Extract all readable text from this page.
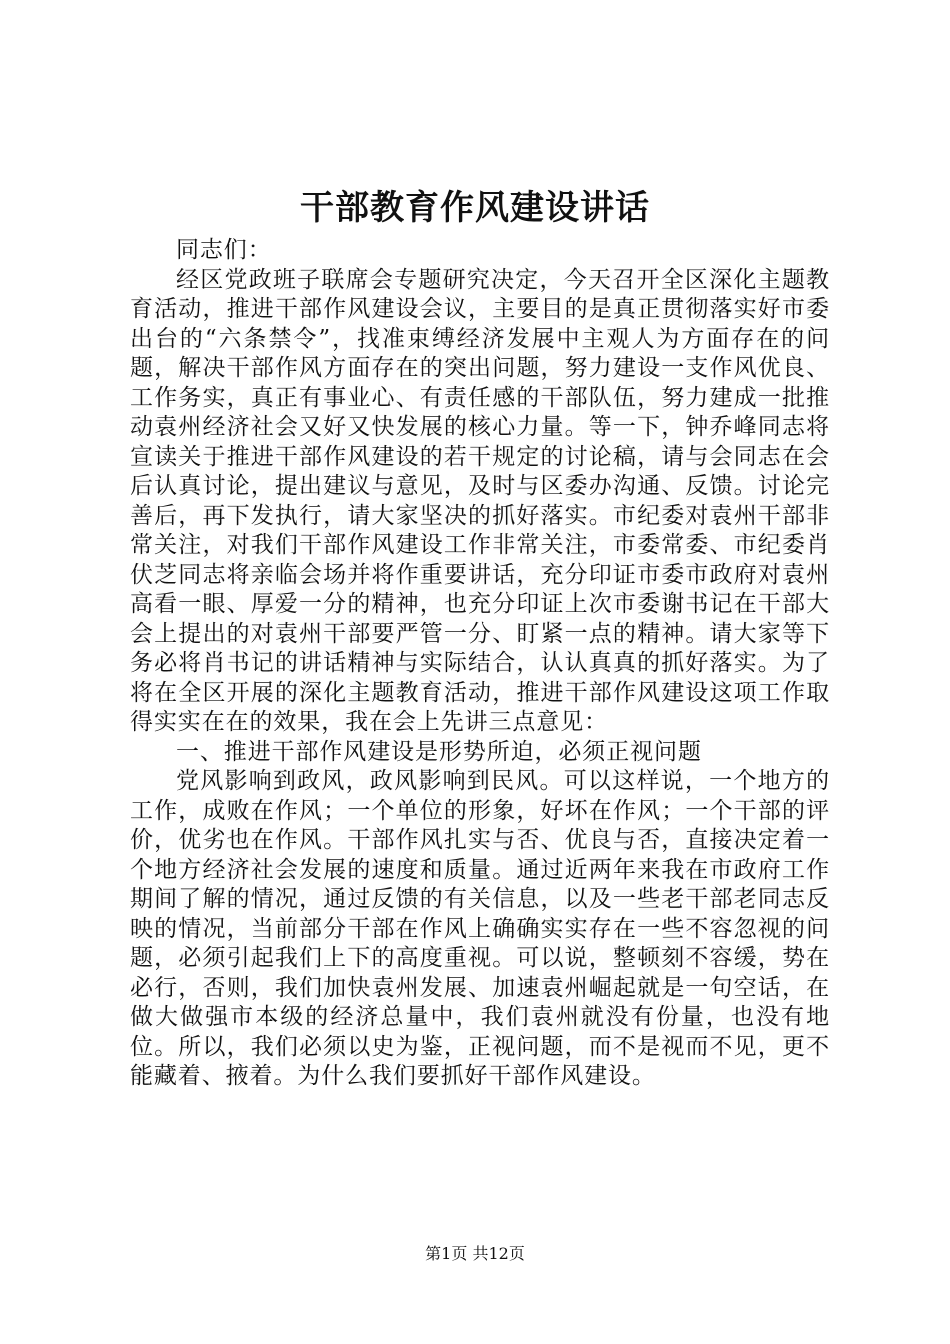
干部教育作风建设讲话

同志们：

经区党政班子联席会专题研究决定，今天召开全区深化主题教育活动，推进干部作风建设会议，主要目的是真正贯彻落实好市委出台的“六条禁令”，找准束缚经济发展中主观人为方面存在的问题，解决干部作风方面存在的突出问题，努力建设一支作风优良、工作务实，真正有事业心、有责任感的干部队伍，努力建成一批推动袁州经济社会又好又快发展的核心力量。等一下，钟乔峰同志将宣读关于推进干部作风建设的若干规定的讨论稿，请与会同志在会后认真讨论，提出建议与意见，及时与区委办沟通、反馈。讨论完善后，再下发执行，请大家坚决的抓好落实。市纪委对袁州干部非常关注，对我们干部作风建设工作非常关注，市委常委、市纪委肖伏芝同志将亲临会场并将作重要讲话，充分印证市委市政府对袁州高看一眼、厚爱一分的精神，也充分印证上次市委谢书记在干部大会上提出的对袁州干部要严管一分、盯紧一点的精神。请大家等下务必将肖书记的讲话精神与实际结合，认认真真的抓好落实。为了将在全区开展的深化主题教育活动，推进干部作风建设这项工作取得实实在在的效果，我在会上先讲三点意见：

一、推进干部作风建设是形势所迫，必须正视问题

党风影响到政风，政风影响到民风。可以这样说，一个地方的工作，成败在作风；一个单位的形象，好坏在作风；一个干部的评价，优劣也在作风。干部作风扎实与否、优良与否，直接决定着一个地方经济社会发展的速度和质量。通过近两年来我在市政府工作期间了解的情况，通过反馈的有关信息，以及一些老干部老同志反映的情况，当前部分干部在作风上确确实实存在一些不容忽视的问题，必须引起我们上下的高度重视。可以说，整顿刻不容缓，势在必行，否则，我们加快袁州发展、加速袁州崛起就是一句空话，在做大做强市本级的经济总量中，我们袁州就没有份量，也没有地位。所以，我们必须以史为鉴，正视问题，而不是视而不见，更不能藏着、掖着。为什么我们要抓好干部作风建设。

第1页 共12页
